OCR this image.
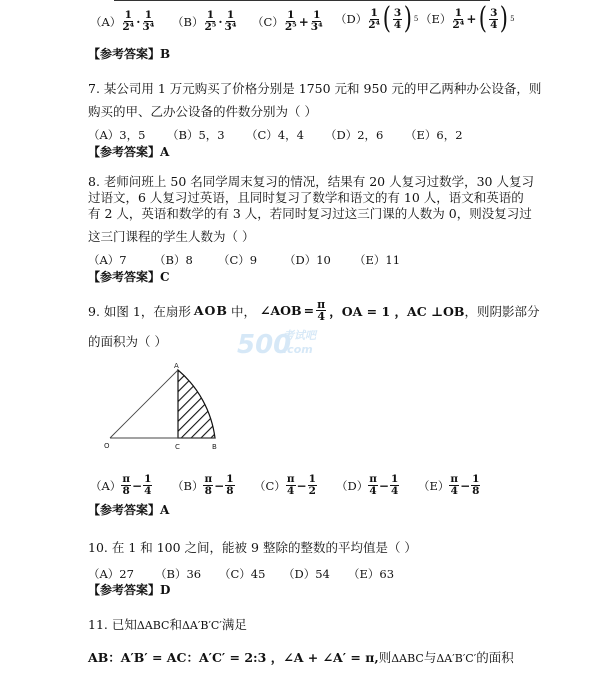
$(A) \frac{1}{\text{2⁴}} \cdot \frac{1}{\text{3⁴}} (B) \frac{1}{\text{2⁵}} \cdot \frac{1}{\text{3⁴}} (C) \frac{1}{\text{2⁵}} + \frac{1}{\text{3⁴}} (D) \frac{1}{\text{2⁴}}$ ( $\frac{3}{4}$ ) 5 $(E) \frac{1}{\text{2⁴}}$ + ( $\frac{3}{4}$ ) 5
【参考答案】B
7. 某公司用 1 万元购买了价格分别是 1750 元和 950 元的甲乙两种办公设备，则
购买的甲、乙办公设备的件数分别为（ ）
（A）3，5 （B）5，3 （C）4，4 （D）2，6 （E）6，2
【参考答案】A
8. 老师问班上 50 名同学周末复习的情况，结果有 20 人复习过数学，30 人复习
过语文，6 人复习过英语，且同时复习了数学和语文的有 10 人，语文和英语的
有 2 人，英语和数学的有 3 人，若同时复习过这三门课的人数为 0，则没复习过
这三门课程的学生人数为（ ）
（A）7 （B）8 （C）9 （D）10 （E）11
【参考答案】C
9. 如图 1，在扇形 AOB 中， ∠AOB = $\frac{\pi}{4}$ ，OA = 1 ，AC ⊥OB ，则阴影部分
的面积为（ ）	500
考试吧
.com
A
O	C	B
$(A) \frac{\pi}{8} - \frac{1}{4} (B) \frac{\pi}{8} - \frac{1}{8} (C) \frac{\pi}{4} - \frac{1}{2} (D) \frac{\pi}{4} - \frac{1}{4} (E) \frac{\pi}{4} - \frac{1}{8}$
【参考答案】A
10. 在 1 和 100 之间，能被 9 整除的整数的平均值是（ ）
（A）27 （B）36 （C）45 （D）54 （E）63
【参考答案】D
11. 已知ΔABC和ΔA′B′C′满足
AB：A′B′ = AC：A′C′ = 2:3 ，∠A + ∠A′ = π,则ΔABC与ΔA′B′C′的面积
